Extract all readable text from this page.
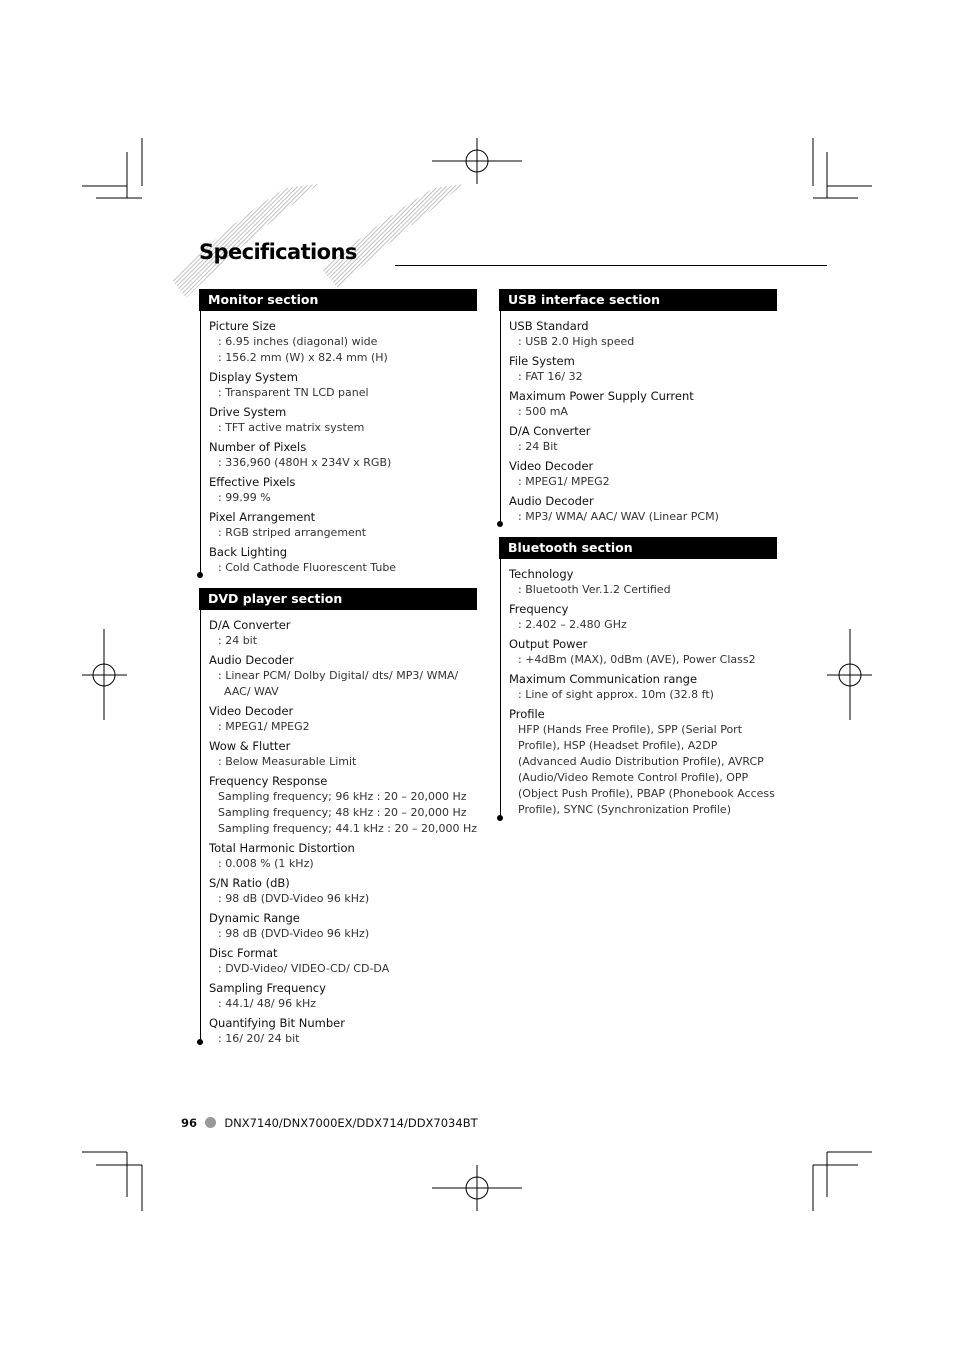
Specifications
Monitor section
Picture Size
: 6.95 inches (diagonal) wide
: 156.2 mm (W) x 82.4 mm (H)
Display System
: Transparent TN LCD panel
Drive System
: TFT active matrix system
Number of Pixels
: 336,960 (480H x 234V x RGB)
Effective Pixels
: 99.99 %
Pixel Arrangement
: RGB striped arrangement
Back Lighting
: Cold Cathode Fluorescent Tube
DVD player section
D/A Converter
: 24 bit
Audio Decoder
: Linear PCM/ Dolby Digital/ dts/ MP3/ WMA/ AAC/ WAV
Video Decoder
: MPEG1/ MPEG2
Wow & Flutter
: Below Measurable Limit
Frequency Response
Sampling frequency; 96 kHz : 20 – 20,000 Hz
Sampling frequency; 48 kHz : 20 – 20,000 Hz
Sampling frequency; 44.1 kHz : 20 – 20,000 Hz
Total Harmonic Distortion
: 0.008 % (1 kHz)
S/N Ratio (dB)
: 98 dB (DVD-Video 96 kHz)
Dynamic Range
: 98 dB (DVD-Video 96 kHz)
Disc Format
: DVD-Video/ VIDEO-CD/ CD-DA
Sampling Frequency
: 44.1/ 48/ 96 kHz
Quantifying Bit Number
: 16/ 20/ 24 bit
USB interface section
USB Standard
: USB 2.0 High speed
File System
: FAT 16/ 32
Maximum Power Supply Current
: 500 mA
D/A Converter
: 24 Bit
Video Decoder
: MPEG1/ MPEG2
Audio Decoder
: MP3/ WMA/ AAC/ WAV (Linear PCM)
Bluetooth section
Technology
: Bluetooth Ver.1.2 Certified
Frequency
: 2.402 – 2.480 GHz
Output Power
: +4dBm (MAX), 0dBm (AVE), Power Class2
Maximum Communication range
: Line of sight approx. 10m (32.8 ft)
Profile
HFP (Hands Free Profile), SPP (Serial Port Profile), HSP (Headset Profile), A2DP (Advanced Audio Distribution Profile), AVRCP (Audio/Video Remote Control Profile), OPP (Object Push Profile), PBAP (Phonebook Access Profile), SYNC (Synchronization Profile)
96 DNX7140/DNX7000EX/DDX714/DDX7034BT
